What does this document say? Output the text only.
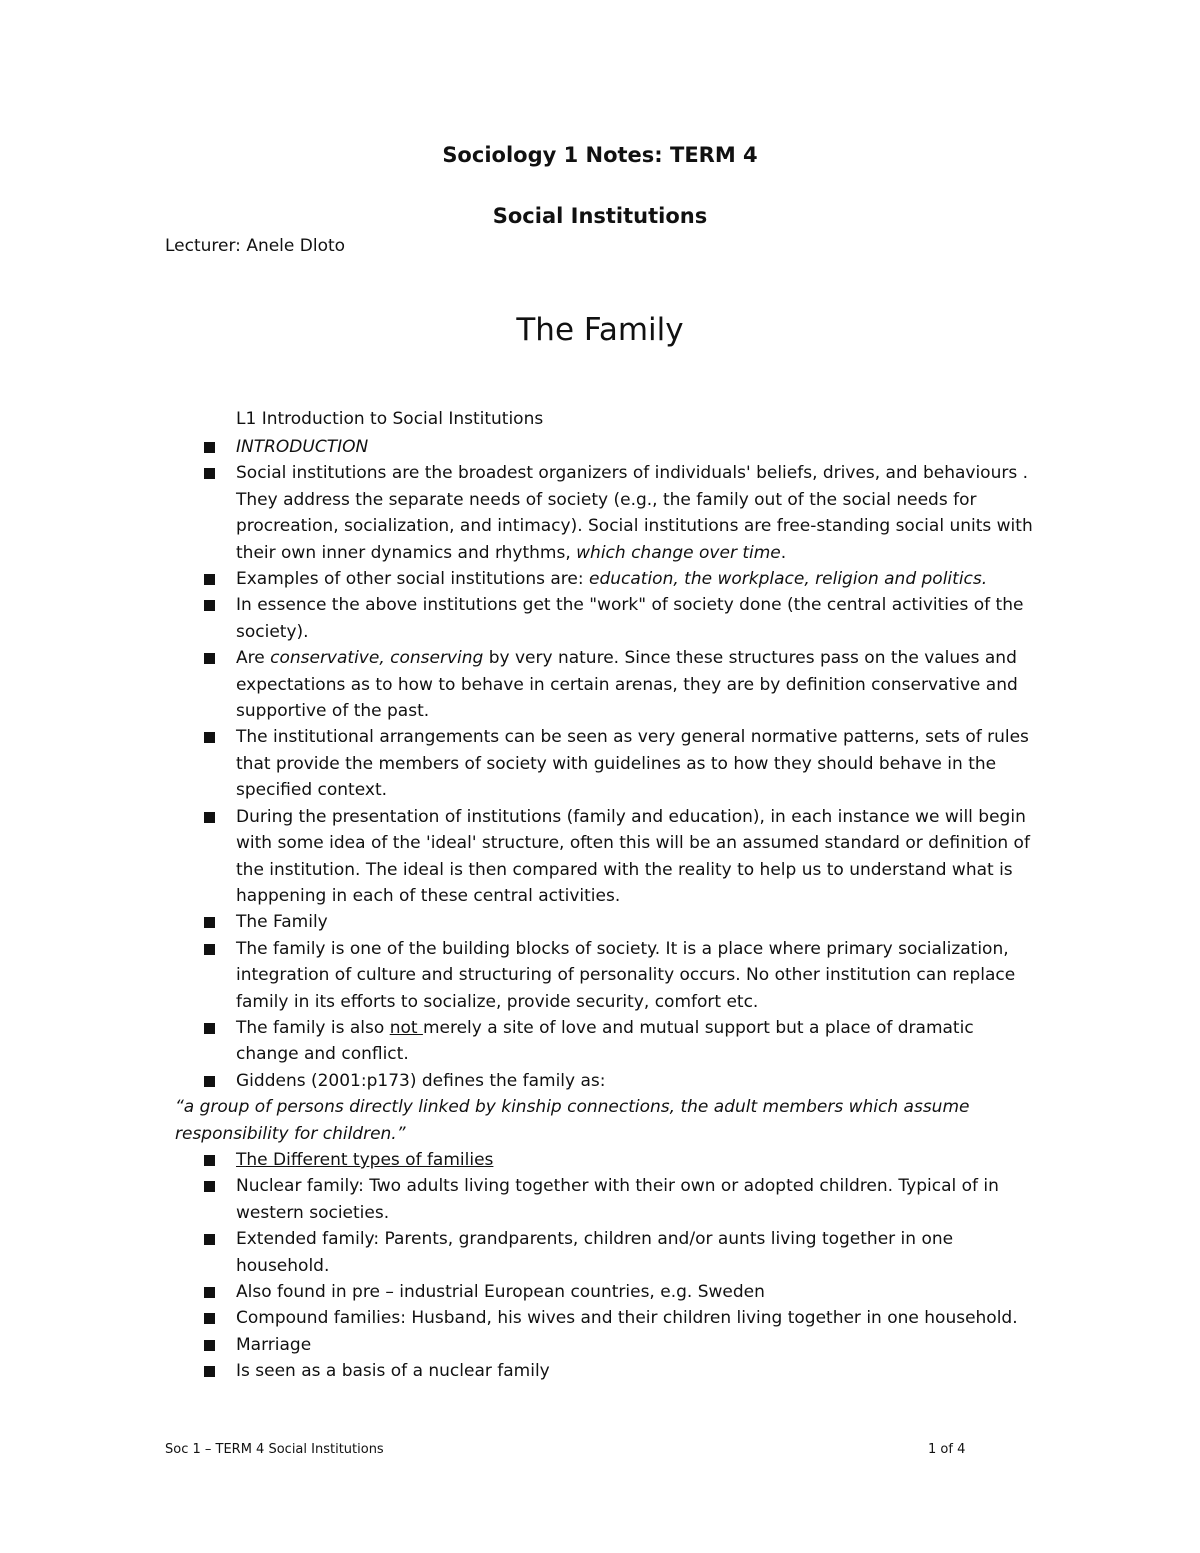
Sociology 1 Notes: TERM 4
Social Institutions
Lecturer: Anele Dloto
The Family
L1 Introduction to Social Institutions
INTRODUCTION
Social institutions are the broadest organizers of individuals' beliefs, drives, and behaviours . They address the separate needs of society (e.g., the family out of the social needs for procreation, socialization, and intimacy). Social institutions are free-standing social units with their own inner dynamics and rhythms, which change over time.
Examples of other social institutions are: education, the workplace, religion and politics.
In essence the above institutions get the "work" of society done (the central activities of the society).
Are conservative, conserving by very nature. Since these structures pass on the values and expectations as to how to behave in certain arenas, they are by definition conservative and supportive of the past.
The institutional arrangements can be seen as very general normative patterns, sets of rules that provide the members of society with guidelines as to how they should behave in the specified context.
During the presentation of institutions (family and education), in each instance we will begin with some idea of the 'ideal' structure, often this will be an assumed standard or definition of the institution. The ideal is then compared with the reality to help us to understand what is happening in each of these central activities.
The Family
The family is one of the building blocks of society. It is a place where primary socialization, integration of culture and structuring of personality occurs. No other institution can replace family in its efforts to socialize, provide security, comfort etc.
The family is also not merely a site of love and mutual support but a place of dramatic change and conflict.
Giddens (2001:p173) defines the family as:
“a group of persons directly linked by kinship connections, the adult members which assume responsibility for children.”
The Different types of families
Nuclear family: Two adults living together with their own or adopted children. Typical of in western societies.
Extended family: Parents, grandparents, children and/or aunts living together in one household.
Also found in pre – industrial European countries, e.g. Sweden
Compound families: Husband, his wives and their children living together in one household.
Marriage
Is seen as a basis of a nuclear family
Soc 1 – TERM 4 Social Institutions	1 of 4
